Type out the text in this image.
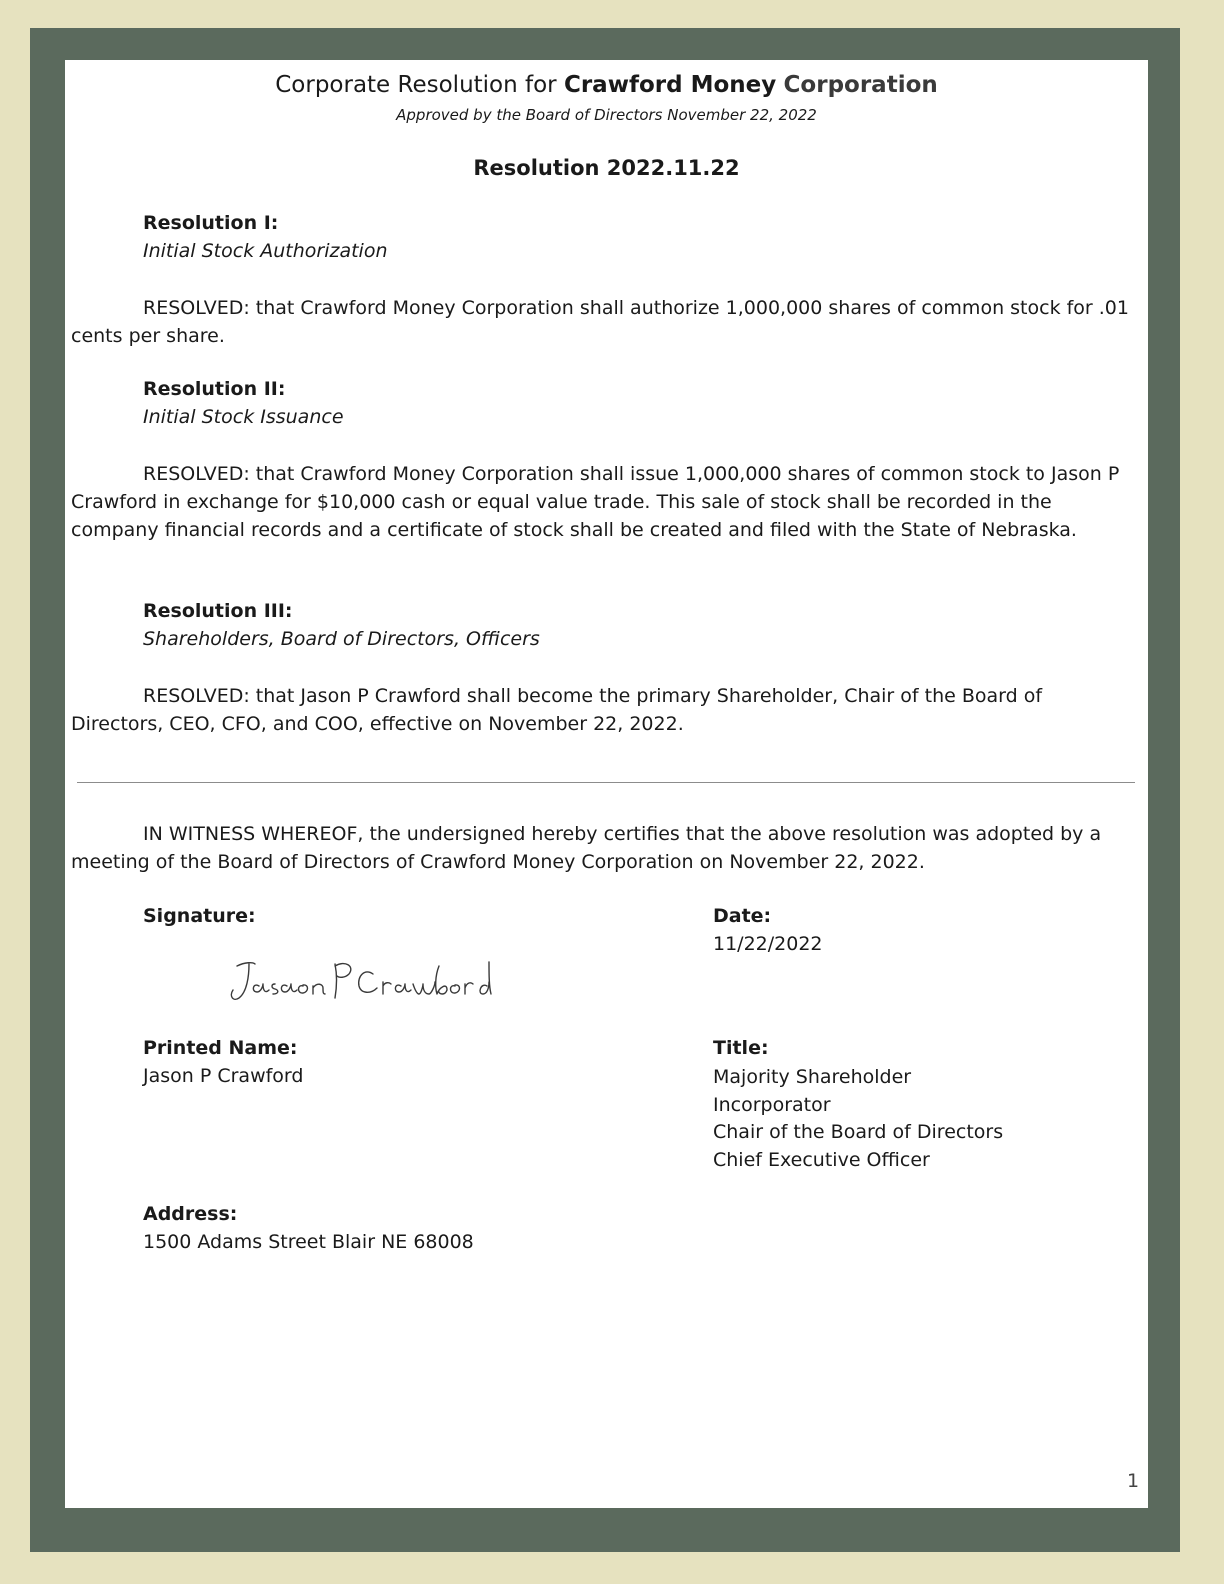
Corporate Resolution for Crawford Money Corporation

Approved by the Board of Directors November 22, 2022

Resolution 2022.11.22

Resolution I:

Initial Stock Authorization

RESOLVED: that Crawford Money Corporation shall authorize 1,000,000 shares of common stock for .01 cents per share.

Resolution II:

Initial Stock Issuance

RESOLVED: that Crawford Money Corporation shall issue 1,000,000 shares of common stock to Jason P Crawford in exchange for $10,000 cash or equal value trade. This sale of stock shall be recorded in the company financial records and a certificate of stock shall be created and filed with the State of Nebraska.

Resolution III:

Shareholders, Board of Directors, Officers

RESOLVED: that Jason P Crawford shall become the primary Shareholder, Chair of the Board of Directors, CEO, CFO, and COO, effective on November 22, 2022.

IN WITNESS WHEREOF, the undersigned hereby certifies that the above resolution was adopted by a meeting of the Board of Directors of Crawford Money Corporation on November 22, 2022.

Signature:	Date:

11/22/2022

Printed Name:

Jason P Crawford

Title:

Majority Shareholder
Incorporator
Chair of the Board of Directors
Chief Executive Officer

Address:

1500 Adams Street Blair NE 68008

1
